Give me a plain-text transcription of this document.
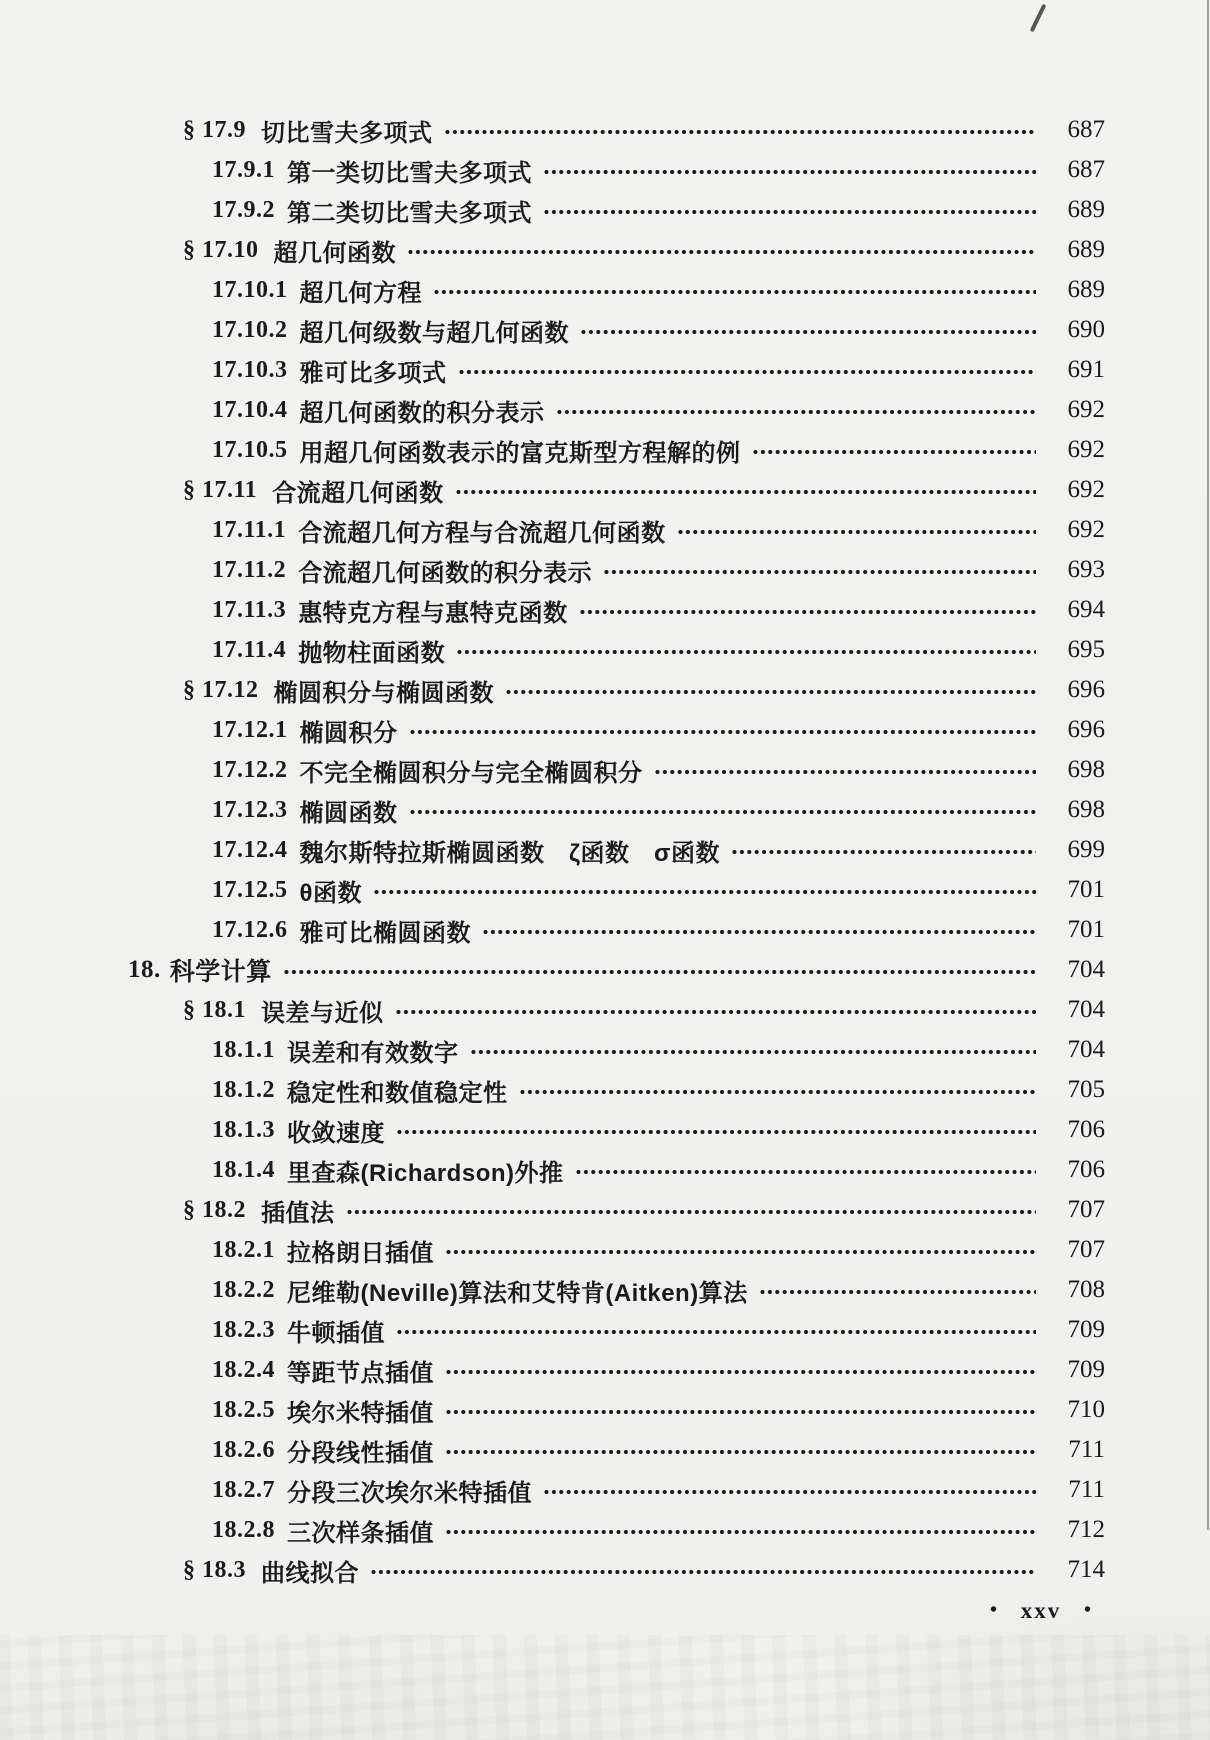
§ 17.9 切比雪夫多项式	687
17.9.1 第一类切比雪夫多项式	687
17.9.2 第二类切比雪夫多项式	689
§ 17.10 超几何函数	689
17.10.1 超几何方程	689
17.10.2 超几何级数与超几何函数	690
17.10.3 雅可比多项式	691
17.10.4 超几何函数的积分表示	692
17.10.5 用超几何函数表示的富克斯型方程解的例	692
§ 17.11 合流超几何函数	692
17.11.1 合流超几何方程与合流超几何函数	692
17.11.2 合流超几何函数的积分表示	693
17.11.3 惠特克方程与惠特克函数	694
17.11.4 抛物柱面函数	695
§ 17.12 椭圆积分与椭圆函数	696
17.12.1 椭圆积分	696
17.12.2 不完全椭圆积分与完全椭圆积分	698
17.12.3 椭圆函数	698
17.12.4 魏尔斯特拉斯椭圆函数　ζ函数　σ函数	699
17.12.5 θ函数	701
17.12.6 雅可比椭圆函数	701
18. 科学计算	704
§ 18.1 误差与近似	704
18.1.1 误差和有效数字	704
18.1.2 稳定性和数值稳定性	705
18.1.3 收敛速度	706
18.1.4 里查森(Richardson)外推	706
§ 18.2 插值法	707
18.2.1 拉格朗日插值	707
18.2.2 尼维勒(Neville)算法和艾特肯(Aitken)算法	708
18.2.3 牛顿插值	709
18.2.4 等距节点插值	709
18.2.5 埃尔米特插值	710
18.2.6 分段线性插值	711
18.2.7 分段三次埃尔米特插值	711
18.2.8 三次样条插值	712
§ 18.3 曲线拟合	714
• xxv •
